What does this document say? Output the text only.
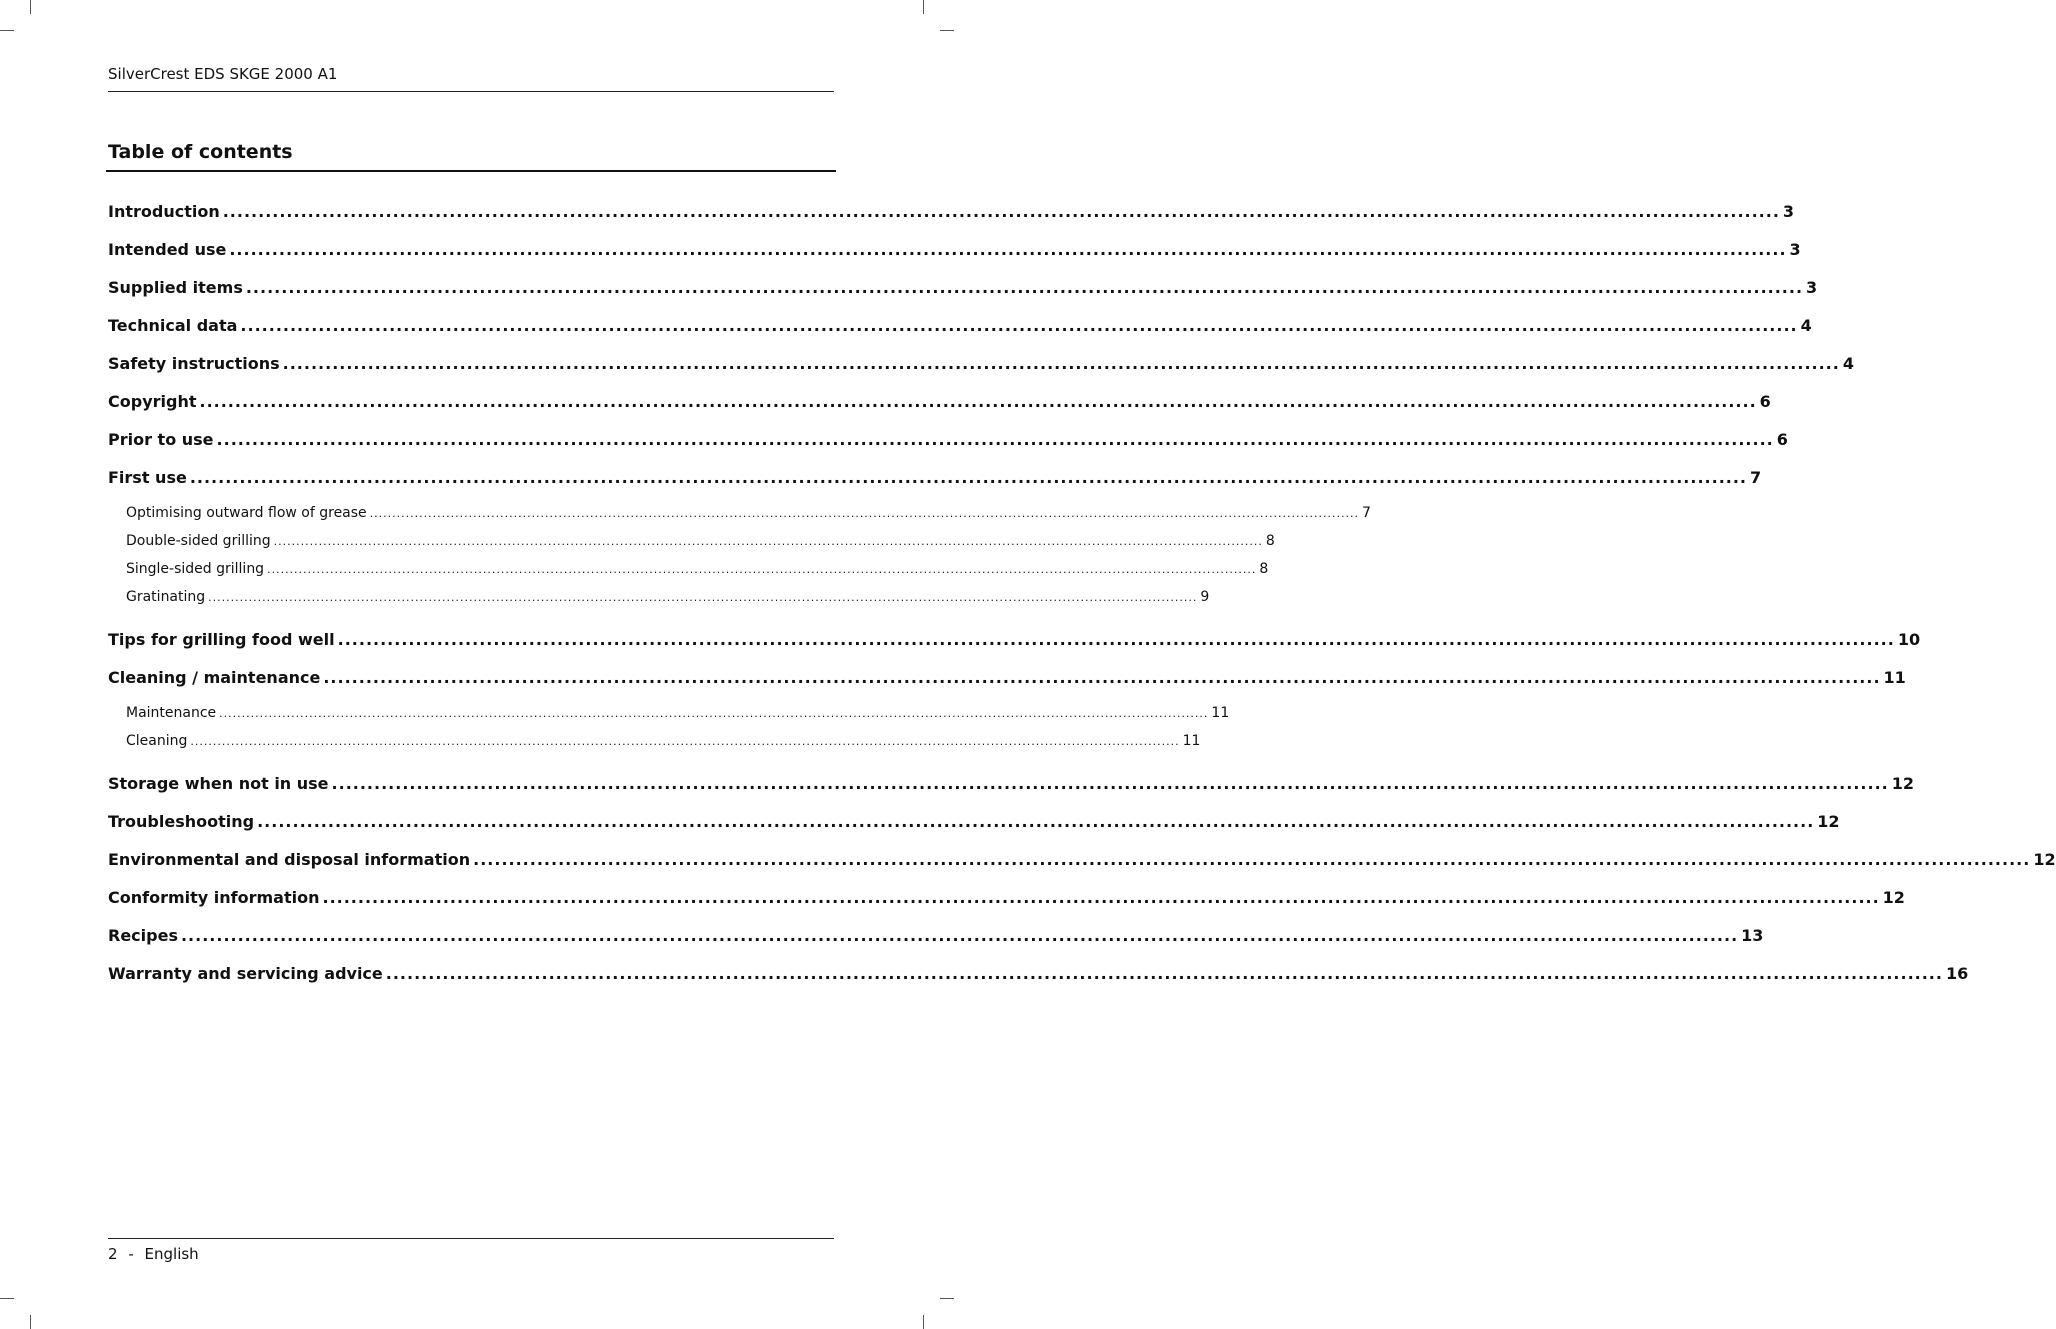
SilverCrest EDS SKGE 2000 A1
Table of contents
Introduction ............................................................................................................................................................................................................................ 3
Intended use ............................................................................................................................................................................................................................ 3
Supplied items ............................................................................................................................................................................................................................ 3
Technical data ............................................................................................................................................................................................................................ 4
Safety instructions ............................................................................................................................................................................................................................ 4
Copyright ............................................................................................................................................................................................................................ 6
Prior to use ............................................................................................................................................................................................................................ 6
First use ............................................................................................................................................................................................................................ 7
Optimising outward flow of grease ............................................................................................................................................................................................................................ 7
Double-sided grilling ............................................................................................................................................................................................................................ 8
Single-sided grilling ............................................................................................................................................................................................................................ 8
Gratinating ............................................................................................................................................................................................................................ 9
Tips for grilling food well ............................................................................................................................................................................................................................ 10
Cleaning / maintenance ............................................................................................................................................................................................................................ 11
Maintenance ............................................................................................................................................................................................................................ 11
Cleaning ............................................................................................................................................................................................................................ 11
Storage when not in use ............................................................................................................................................................................................................................ 12
Troubleshooting ............................................................................................................................................................................................................................ 12
Environmental and disposal information ............................................................................................................................................................................................................................ 12
Conformity information ............................................................................................................................................................................................................................ 12
Recipes ............................................................................................................................................................................................................................ 13
Warranty and servicing advice ............................................................................................................................................................................................................................ 16
2 - English
